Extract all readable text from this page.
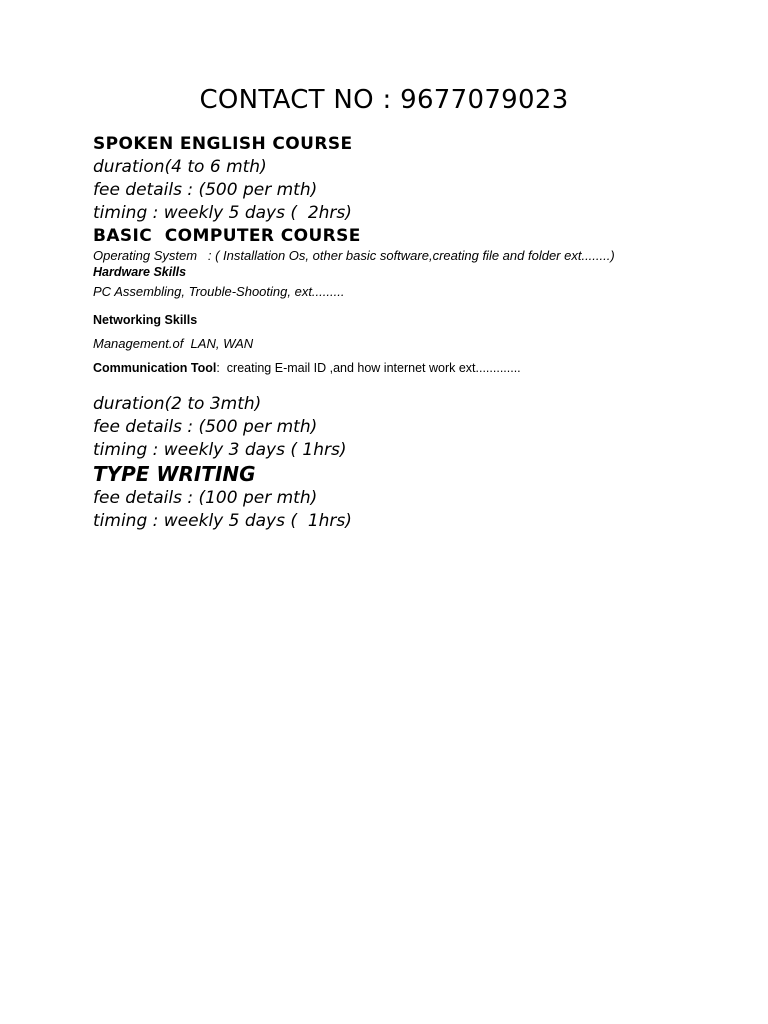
CONTACT NO : 9677079023
SPOKEN ENGLISH COURSE
duration(4 to 6 mth)
fee details : (500 per mth)
timing : weekly 5 days (  2hrs)
BASIC  COMPUTER COURSE
Operating System   : ( Installation Os, other basic software,creating file and folder ext........)
Hardware Skills
PC Assembling, Trouble-Shooting, ext.........
Networking Skills
Management.of  LAN, WAN
Communication Tool:  creating E-mail ID ,and how internet work ext.............
duration(2 to 3mth)
fee details : (500 per mth)
timing : weekly 3 days ( 1hrs)
TYPE WRITING
fee details : (100 per mth)
timing : weekly 5 days (  1hrs)
